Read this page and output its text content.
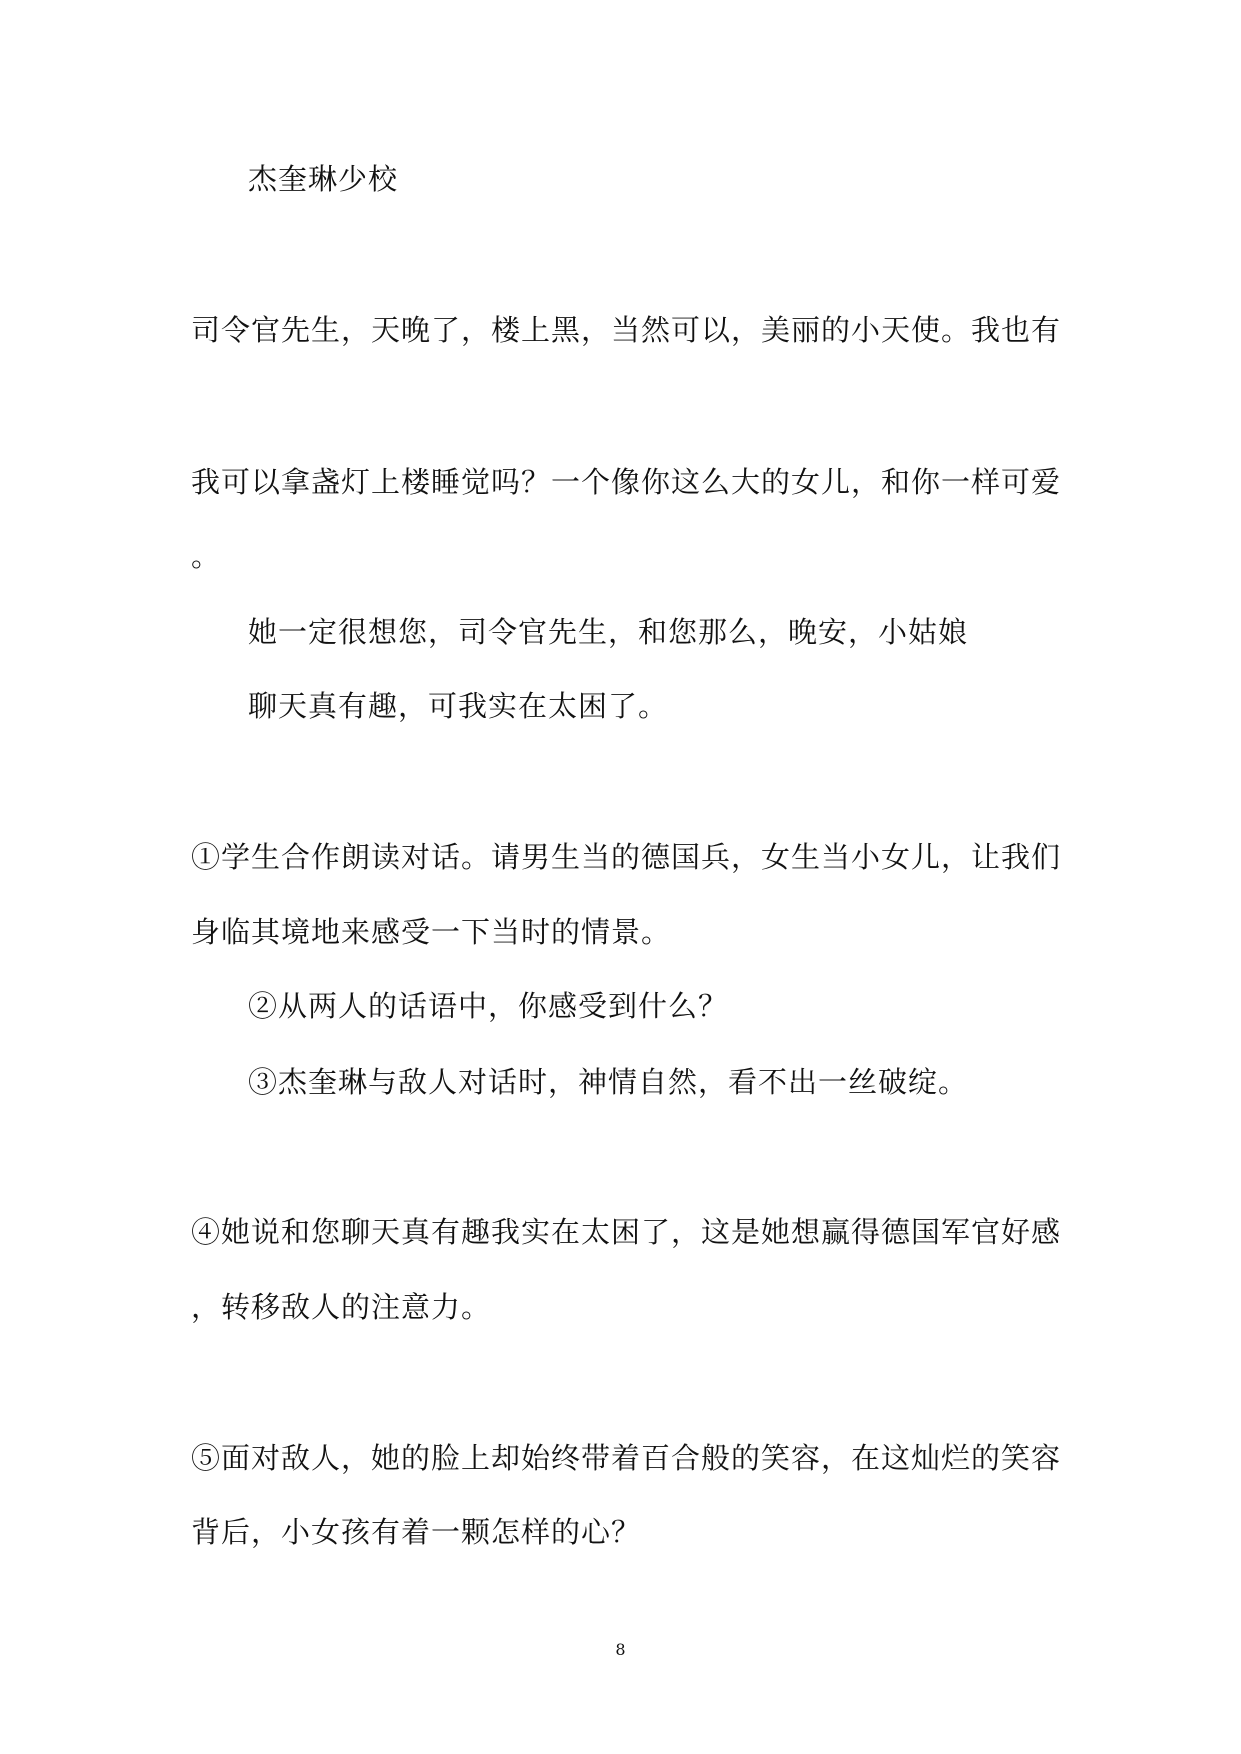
杰奎琳少校
司令官先生，天晚了，楼上黑，当然可以，美丽的小天使。我也有
我可以拿盏灯上楼睡觉吗？一个像你这么大的女儿，和你一样可爱
。
她一定很想您，司令官先生，和您那么，晚安，小姑娘
聊天真有趣，可我实在太困了。
①学生合作朗读对话。请男生当的德国兵，女生当小女儿，让我们
身临其境地来感受一下当时的情景。
②从两人的话语中，你感受到什么？
③杰奎琳与敌人对话时，神情自然，看不出一丝破绽。
④她说和您聊天真有趣我实在太困了，这是她想赢得德国军官好感
，转移敌人的注意力。
⑤面对敌人，她的脸上却始终带着百合般的笑容，在这灿烂的笑容
背后，小女孩有着一颗怎样的心？
8
